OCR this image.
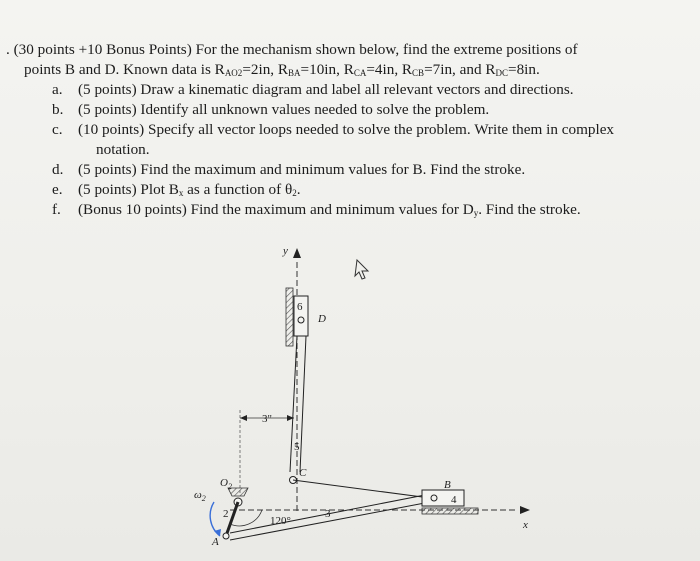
. (30 points +10 Bonus Points) For the mechanism shown below, find the extreme positions of
points B and D. Known data is $R_{AO2}=2in$, $R_{BA}=10in$, $R_{CA}=4in$, $R_{CB}=7in$, and $R_{DC}=8in$.
a.	(5 points) Draw a kinematic diagram and label all relevant vectors and directions.
b. (5 points) Identify all unknown values needed to solve the problem.
c.	(10 points) Specify all vector loops needed to solve the problem. Write them in complex
notation.
d. (5 points) Find the maximum and minimum values for B. Find the stroke.
e.	(5 points) Plot $B_x$ as a function of $\theta_2$.
f.	(Bonus 10 points) Find the maximum and minimum values for $D_y$. Find the stroke.
y
6
D
5
3"
C
3
x
B
4
$O_2$
2
A
120°
$\omega_2$
